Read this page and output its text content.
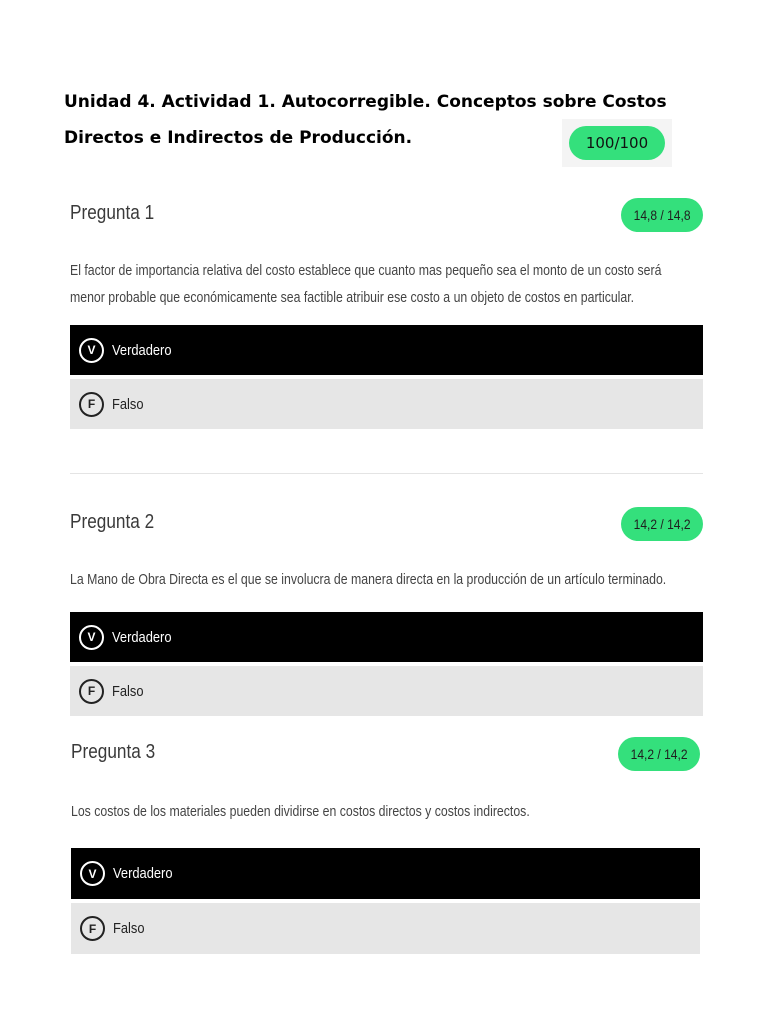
Unidad 4. Actividad 1. Autocorregible. Conceptos sobre Costos Directos e Indirectos de Producción.	100/100
Pregunta 1	14,8 / 14,8
El factor de importancia relativa del costo establece que cuanto mas pequeño sea el monto de un costo será
menor probable que económicamente sea factible atribuir ese costo a un objeto de costos en particular.
V	Verdadero
F	Falso
Pregunta 2	14,2 / 14,2
La Mano de Obra Directa es el que se involucra de manera directa en la producción de un artículo terminado.
V	Verdadero
F	Falso
Pregunta 3	14,2 / 14,2
Los costos de los materiales pueden dividirse en costos directos y costos indirectos.
V	Verdadero
F	Falso
